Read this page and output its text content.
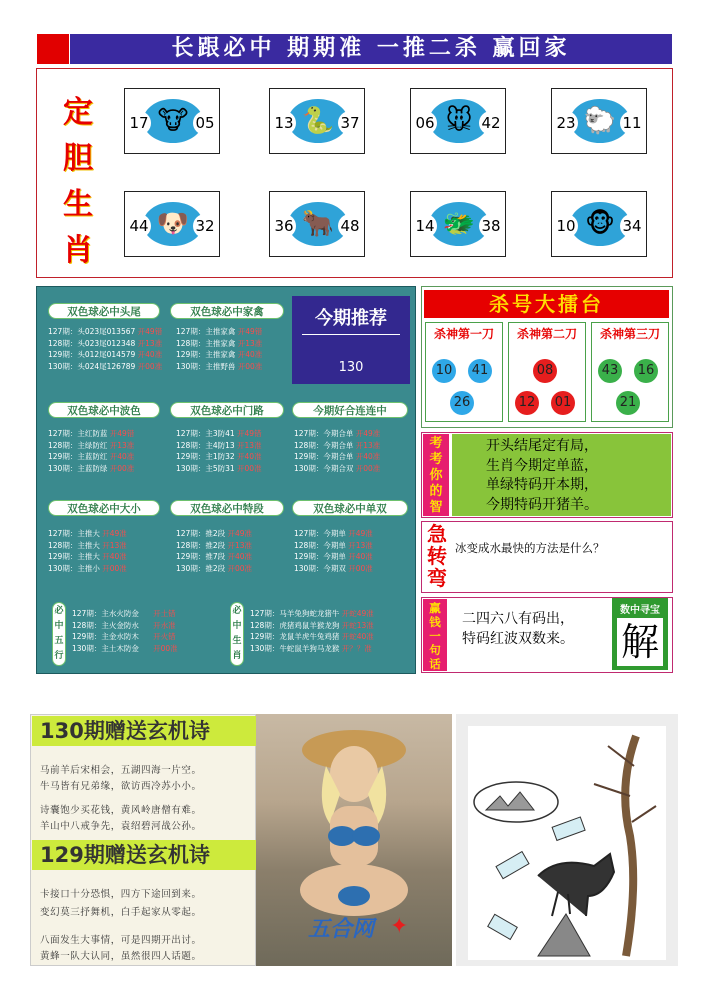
长跟必中 期期准 一推二杀 赢回家
定
胆
生
肖
🐮
17	05	🐍
13	37	🐭
06	42	🐑
23	11
🐶
44	32	🐂
36	48	🐲
14	38	🐵
10	34
双色球必中头尾
127期：头023尾013567 开49错
128期：头023尾012348 开13准
129期：头012尾014579 开40准
130期：头024尾126789 开00准
双色球必中家禽
127期：主推家禽 开49错
128期：主推家禽 开13准
129期：主推家禽 开40准
130期：主推野兽 开00准
今期推荐
130
双色球必中波色
127期：主红防蓝 开49错
128期：主绿防红 开13准
129期：主蓝防红 开40准
130期：主蓝防绿 开00准
双色球必中门路
127期：主3防41 开49错
128期：主4防13 开13准
129期：主1防32 开40准
130期：主5防31 开00准
今期好合连连中
127期：今期合单 开49准
128期：今期合单 开13准
129期：今期合单 开40准
130期：今期合双 开00准
双色球必中大小
127期：主推大 开49准
128期：主推大 开13准
129期：主推大 开40准
130期：主推小 开00准
双色球必中特段
127期：推2段 开49准
128期：推2段 开13准
129期：推7段 开40准
130期：推2段 开00准
双色球必中单双
127期：今期单 开49准
128期：今期单 开13准
129期：今期单 开40准
130期：今期双 开00准
必中五行
127期：主水火防金 开土错
128期：主火金防水 开水准
129期：主金水防木 开火错
130期：主土木防金 开00准
必中生肖
127期：马羊兔狗蛇龙猪牛 开蛇49准
128期：虎猪鸡鼠羊猴龙狗 开蛇13准
129期：龙鼠羊虎牛兔鸡猪 开蛇40准
130期：牛蛇鼠羊狗马龙猴 开？？准
杀号大擂台
杀神第一刀
10 41
26
杀神第二刀
08
12 01
杀神第三刀
43 16
21
考
考
你
的
智
开头结尾定有局，
生肖今期定单蓝，
单绿特码开本期，
今期特码开猪羊。
急
转
弯
冰变成水最快的方法是什么？
赢
钱
一
句
话
二四六八有码出，
特码红波双数来。
数中寻宝
解
130期赠送玄机诗
马前羊后宋相会，五湖四海一片空。
牛马皆有兄弟缘，欲访西冷苏小小。
诗囊饱少买花钱，黄风岭唐僧有难。
羊山中八戒争先，袁绍碧河战公孙。
129期赠送玄机诗
卡接口十分恐惧，四方下途回到来。
变幻莫三抒舞机，白手起家从零起。
八面发生大事情，可是四期开出讨。
黄蜂一队大认同，虽然很四人话题。
五合网 ✦
